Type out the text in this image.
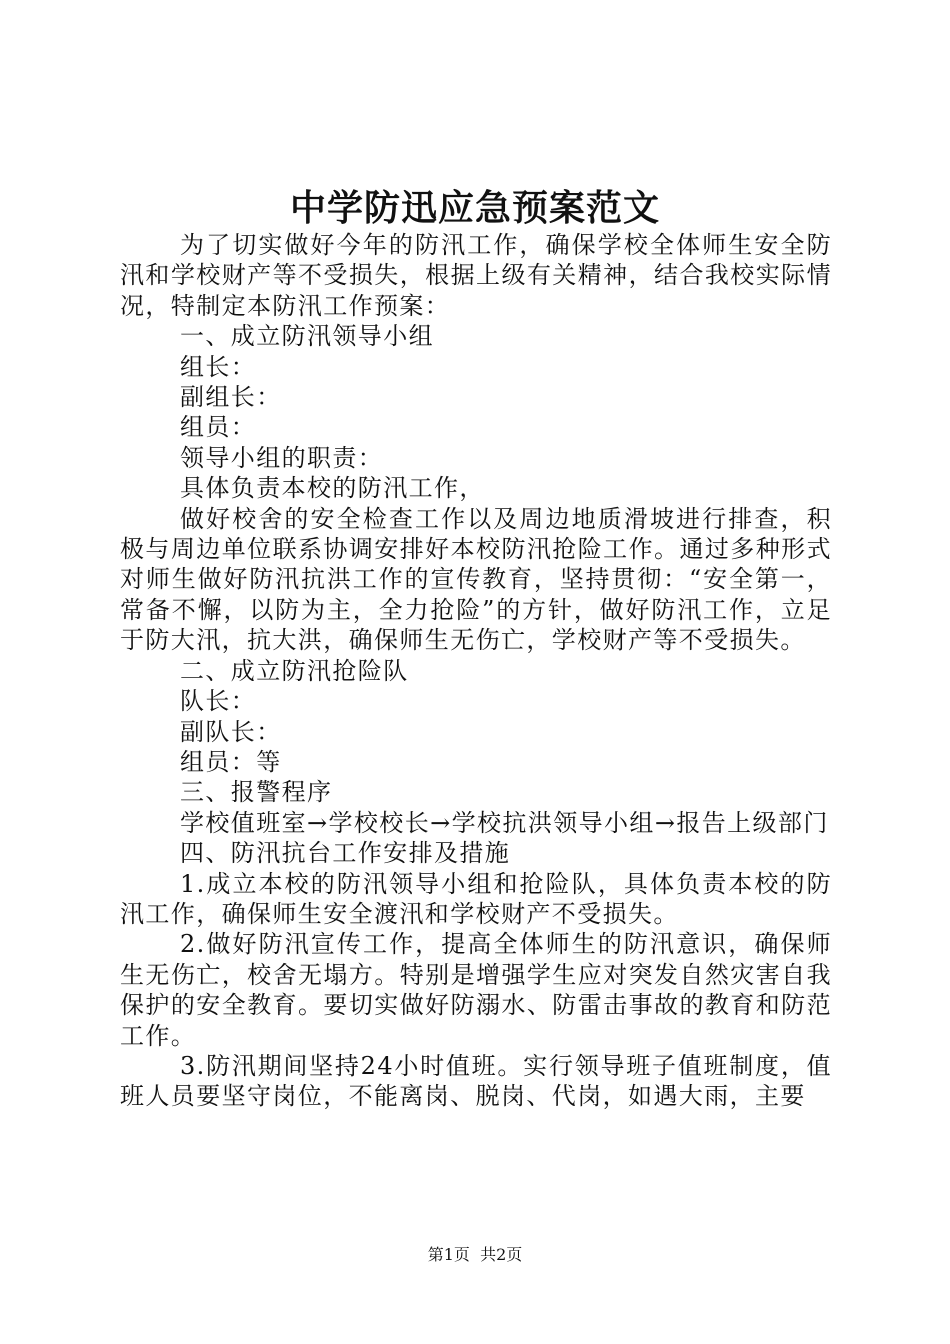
中学防迅应急预案范文

为了切实做好今年的防汛工作，确保学校全体师生安全防汛和学校财产等不受损失，根据上级有关精神，结合我校实际情况，特制定本防汛工作预案：

一、成立防汛领导小组

组长：

副组长：

组员：

领导小组的职责：

具体负责本校的防汛工作，

做好校舍的安全检查工作以及周边地质滑坡进行排查，积极与周边单位联系协调安排好本校防汛抢险工作。通过多种形式对师生做好防汛抗洪工作的宣传教育，坚持贯彻：“安全第一，常备不懈，以防为主，全力抢险”的方针，做好防汛工作，立足于防大汛，抗大洪，确保师生无伤亡，学校财产等不受损失。

二、成立防汛抢险队

队长：

副队长：

组员：等

三、报警程序

学校值班室→学校校长→学校抗洪领导小组→报告上级部门

四、防汛抗台工作安排及措施

1.成立本校的防汛领导小组和抢险队，具体负责本校的防汛工作，确保师生安全渡汛和学校财产不受损失。

2.做好防汛宣传工作，提高全体师生的防汛意识，确保师生无伤亡，校舍无塌方。特别是增强学生应对突发自然灾害自我保护的安全教育。要切实做好防溺水、防雷击事故的教育和防范工作。

3.防汛期间坚持24小时值班。实行领导班子值班制度，值班人员要坚守岗位，不能离岗、脱岗、代岗，如遇大雨，主要

第1页 共2页
